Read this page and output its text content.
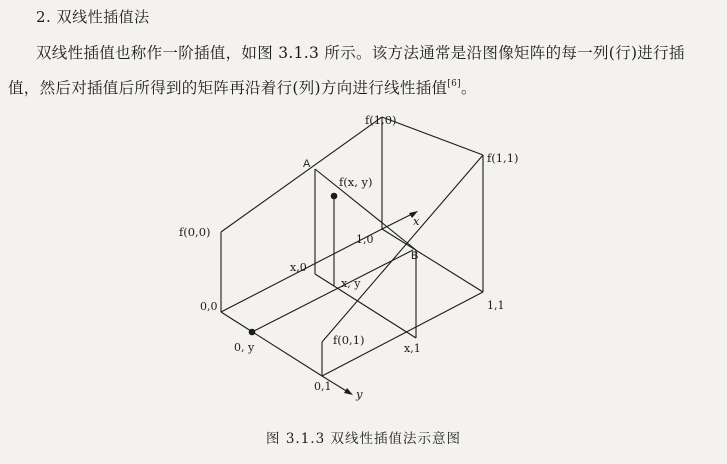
2. 双线性插值法
双线性插值也称作一阶插值，如图 3.1.3 所示。该方法通常是沿图像矩阵的每一列(行)进行插值，然后对插值后所得到的矩阵再沿着行(列)方向进行线性插值[6]。
f(1,0)
f(1,1)
A
f(x, y)
f(0,0)
1,0
x
B
x,0
x, y
0,0	1,1
f(0,1)
0, y	x,1
0,1
y
图 3.1.3 双线性插值法示意图
